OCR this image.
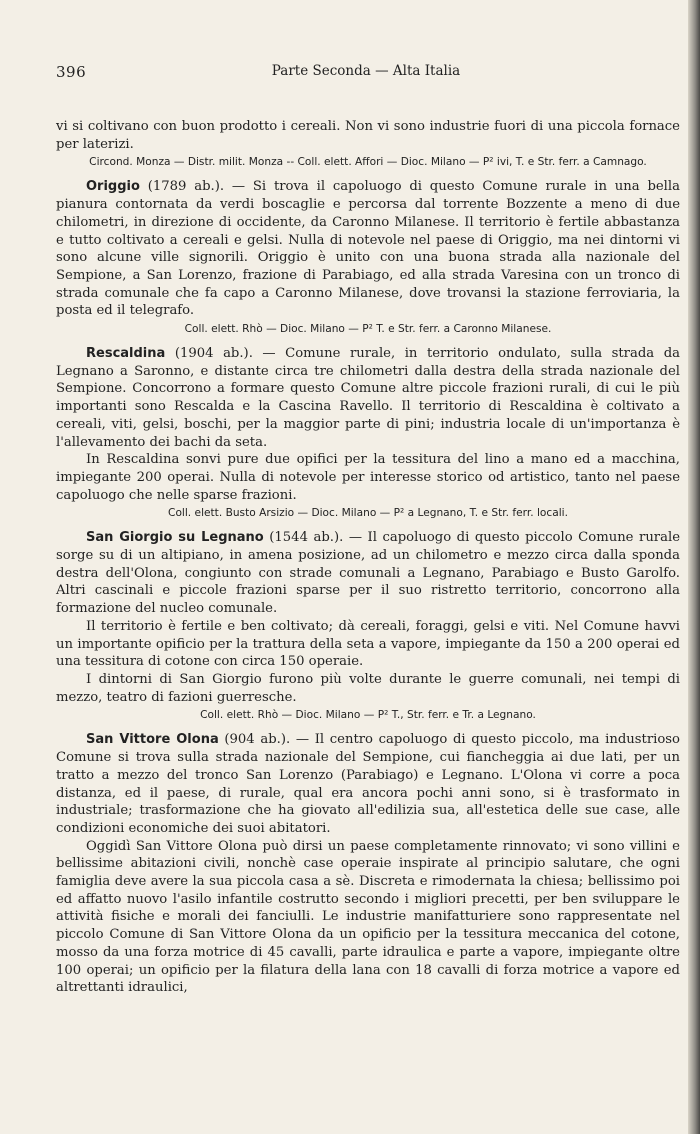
396	Parte Seconda — Alta Italia

vi si coltivano con buon prodotto i cereali. Non vi sono industrie fuori di una piccola fornace per laterizi.

Circond. Monza — Distr. milit. Monza -- Coll. elett. Affori — Dioc. Milano — P² ivi, T. e Str. ferr. a Camnago.

Origgio (1789 ab.). — Si trova il capoluogo di questo Comune rurale in una bella pianura contornata da verdi boscaglie e percorsa dal torrente Bozzente a meno di due chilometri, in direzione di occidente, da Caronno Milanese. Il territorio è fertile abbastanza e tutto coltivato a cereali e gelsi. Nulla di notevole nel paese di Origgio, ma nei dintorni vi sono alcune ville signorili. Origgio è unito con una buona strada alla nazionale del Sempione, a San Lorenzo, frazione di Parabiago, ed alla strada Varesina con un tronco di strada comunale che fa capo a Caronno Milanese, dove trovansi la stazione ferroviaria, la posta ed il telegrafo.

Coll. elett. Rhò — Dioc. Milano — P² T. e Str. ferr. a Caronno Milanese.

Rescaldina (1904 ab.). — Comune rurale, in territorio ondulato, sulla strada da Legnano a Saronno, e distante circa tre chilometri dalla destra della strada nazionale del Sempione. Concorrono a formare questo Comune altre piccole frazioni rurali, di cui le più importanti sono Rescalda e la Cascina Ravello. Il territorio di Rescaldina è coltivato a cereali, viti, gelsi, boschi, per la maggior parte di pini; industria locale di un'importanza è l'allevamento dei bachi da seta.

In Rescaldina sonvi pure due opifici per la tessitura del lino a mano ed a macchina, impiegante 200 operai. Nulla di notevole per interesse storico od artistico, tanto nel paese capoluogo che nelle sparse frazioni.

Coll. elett. Busto Arsizio — Dioc. Milano — P² a Legnano, T. e Str. ferr. locali.

San Giorgio su Legnano (1544 ab.). — Il capoluogo di questo piccolo Comune rurale sorge su di un altipiano, in amena posizione, ad un chilometro e mezzo circa dalla sponda destra dell'Olona, congiunto con strade comunali a Legnano, Parabiago e Busto Garolfo. Altri cascinali e piccole frazioni sparse per il suo ristretto territorio, concorrono alla formazione del nucleo comunale.

Il territorio è fertile e ben coltivato; dà cereali, foraggi, gelsi e viti. Nel Comune havvi un importante opificio per la trattura della seta a vapore, impiegante da 150 a 200 operai ed una tessitura di cotone con circa 150 operaie.

I dintorni di San Giorgio furono più volte durante le guerre comunali, nei tempi di mezzo, teatro di fazioni guerresche.

Coll. elett. Rhò — Dioc. Milano — P² T., Str. ferr. e Tr. a Legnano.

San Vittore Olona (904 ab.). — Il centro capoluogo di questo piccolo, ma industrioso Comune si trova sulla strada nazionale del Sempione, cui fiancheggia ai due lati, per un tratto a mezzo del tronco San Lorenzo (Parabiago) e Legnano. L'Olona vi corre a poca distanza, ed il paese, di rurale, qual era ancora pochi anni sono, si è trasformato in industriale; trasformazione che ha giovato all'edilizia sua, all'estetica delle sue case, alle condizioni economiche dei suoi abitatori.

Oggidì San Vittore Olona può dirsi un paese completamente rinnovato; vi sono villini e bellissime abitazioni civili, nonchè case operaie inspirate al principio salutare, che ogni famiglia deve avere la sua piccola casa a sè. Discreta e rimodernata la chiesa; bellissimo poi ed affatto nuovo l'asilo infantile costrutto secondo i migliori precetti, per ben sviluppare le attività fisiche e morali dei fanciulli. Le industrie manifatturiere sono rappresentate nel piccolo Comune di San Vittore Olona da un opificio per la tessitura meccanica del cotone, mosso da una forza motrice di 45 cavalli, parte idraulica e parte a vapore, impiegante oltre 100 operai; un opificio per la filatura della lana con 18 cavalli di forza motrice a vapore ed altrettanti idraulici,
